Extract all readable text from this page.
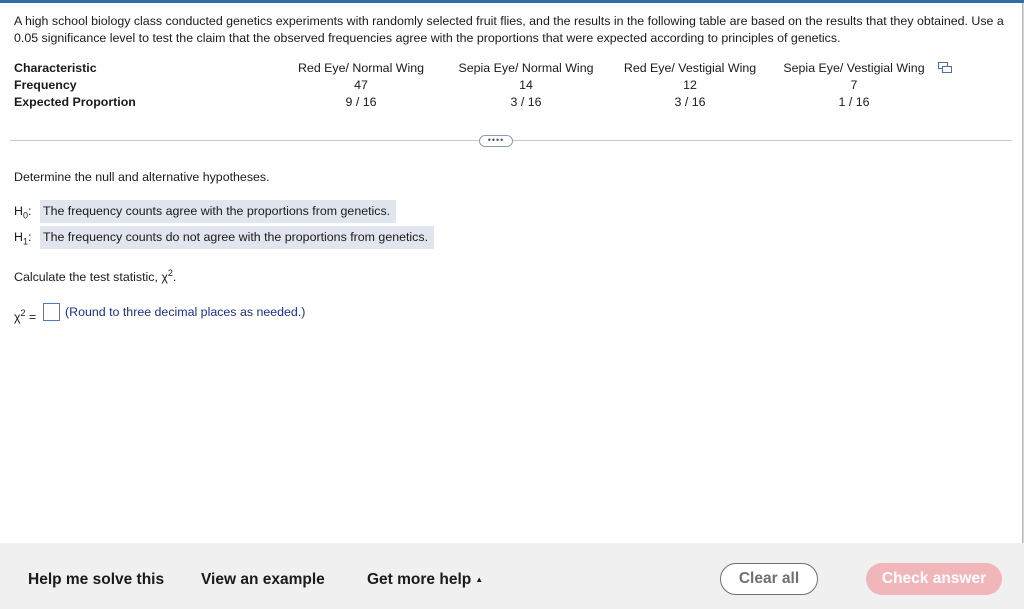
A high school biology class conducted genetics experiments with randomly selected fruit flies, and the results in the following table are based on the results that they obtained. Use a 0.05 significance level to test the claim that the observed frequencies agree with the proportions that were expected according to principles of genetics.
Characteristic	Red Eye/ Normal Wing	Sepia Eye/ Normal Wing	Red Eye/ Vestigial Wing	Sepia Eye/ Vestigial Wing
Frequency	47	14	12	7
Expected Proportion	9 / 16	3 / 16	3 / 16	1 / 16
••••
Determine the null and alternative hypotheses.
$H_0$: The frequency counts agree with the proportions from genetics.
$H_1$: The frequency counts do not agree with the proportions from genetics.
Calculate the test statistic, $\chi^2$.
$\chi^2$ = (Round to three decimal places as needed.)
Help me solve this View an example	Get more help ▲	Clear all	Check answer
